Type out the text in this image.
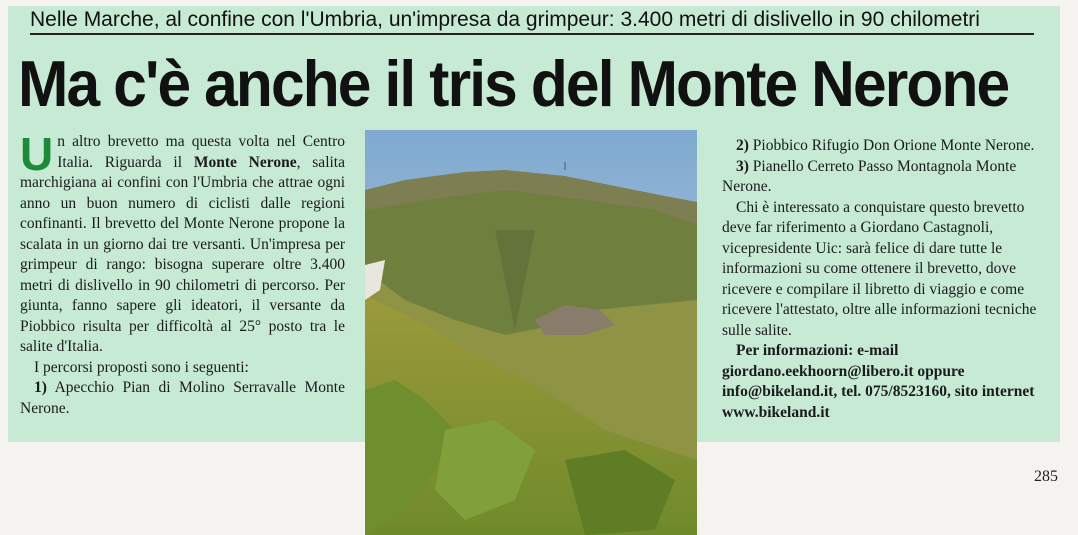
Nelle Marche, al confine con l'Umbria, un'impresa da grimpeur: 3.400 metri di dislivello in 90 chilometri
Ma c'è anche il tris del Monte Nerone

Un altro brevetto ma questa volta nel Centro Italia. Riguarda il Monte Nerone, salita marchigiana ai confini con l'Umbria che attrae ogni anno un buon numero di ciclisti dalle regioni confinanti. Il brevetto del Monte Nerone propone la scalata in un giorno dai tre versanti. Un'impresa per grimpeur di rango: bisogna superare oltre 3.400 metri di dislivello in 90 chilometri di percorso. Per giunta, fanno sapere gli ideatori, il versante da Piobbico risulta per difficoltà al 25° posto tra le salite d'Italia.

I percorsi proposti sono i seguenti:

1) Apecchio Pian di Molino Serravalle Monte Nerone.

2) Piobbico Rifugio Don Orione Monte Nerone.

3) Pianello Cerreto Passo Montagnola Monte Nerone.

Chi è interessato a conquistare questo brevetto deve far riferimento a Giordano Castagnoli, vicepresidente Uic: sarà felice di dare tutte le informazioni su come ottenere il brevetto, dove ricevere e compilare il libretto di viaggio e come ricevere l'attestato, oltre alle informazioni tecniche sulle salite.

Per informazioni: e-mail giordano.eekhoorn@libero.it oppure info@bikeland.it, tel. 075/8523160, sito internet www.bikeland.it

285
